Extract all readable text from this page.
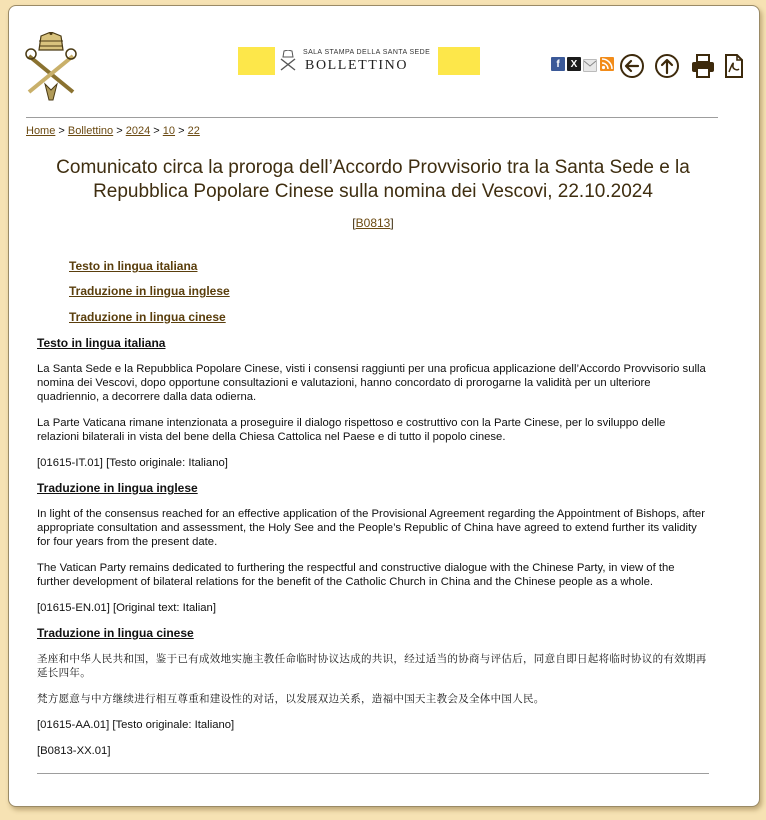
SALA STAMPA DELLA SANTA SEDE
BOLLETTINO	f	X
Home > Bollettino > 2024 > 10 > 22
Comunicato circa la proroga dell’Accordo Provvisorio tra la Santa Sede e la
Repubblica Popolare Cinese sulla nomina dei Vescovi, 22.10.2024
[B0813]
Testo in lingua italiana
Traduzione in lingua inglese
Traduzione in lingua cinese
Testo in lingua italiana
La Santa Sede e la Repubblica Popolare Cinese, visti i consensi raggiunti per una proficua applicazione dell’Accordo Provvisorio sulla nomina dei Vescovi, dopo opportune consultazioni e valutazioni, hanno concordato di prorogarne la validità per un ulteriore quadriennio, a decorrere dalla data odierna.
La Parte Vaticana rimane intenzionata a proseguire il dialogo rispettoso e costruttivo con la Parte Cinese, per lo sviluppo delle relazioni bilaterali in vista del bene della Chiesa Cattolica nel Paese e di tutto il popolo cinese.
[01615-IT.01] [Testo originale: Italiano]
Traduzione in lingua inglese
In light of the consensus reached for an effective application of the Provisional Agreement regarding the Appointment of Bishops, after appropriate consultation and assessment, the Holy See and the People’s Republic of China have agreed to extend further its validity for four years from the present date.
The Vatican Party remains dedicated to furthering the respectful and constructive dialogue with the Chinese Party, in view of the further development of bilateral relations for the benefit of the Catholic Church in China and the Chinese people as a whole.
[01615-EN.01] [Original text: Italian]
Traduzione in lingua cinese
圣座和中华人民共和国，鉴于已有成效地实施主教任命临时协议达成的共识，经过适当的协商与评估后，同意自即日起将临时协议的有效期再延长四年。
梵方愿意与中方继续进行相互尊重和建设性的对话，以发展双边关系，造福中国天主教会及全体中国人民。
[01615-AA.01] [Testo originale: Italiano]
[B0813-XX.01]
